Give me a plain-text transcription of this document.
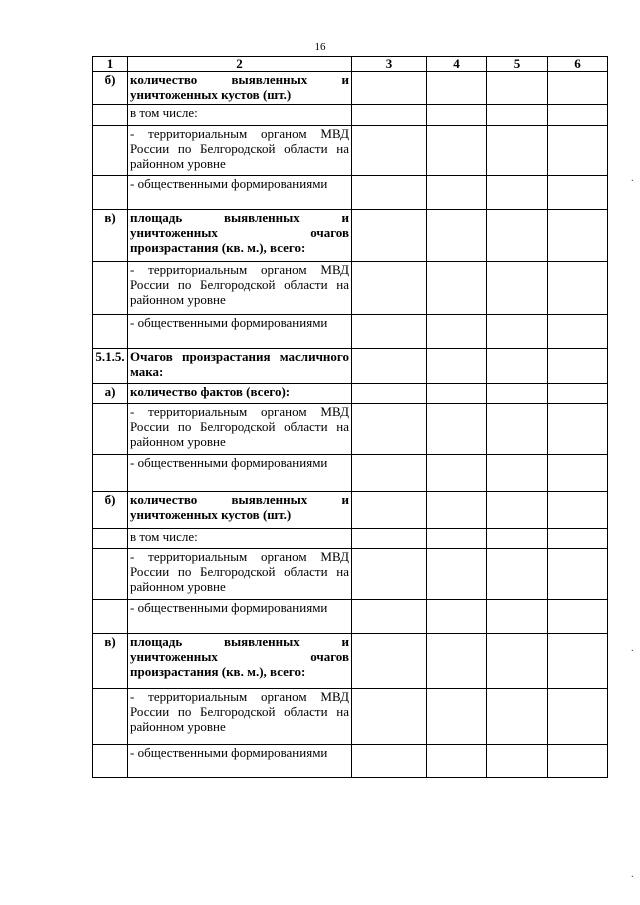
16
1	2	3	4	5	6
б)	количество выявленных и уничтоженных кустов (шт.)				
	в том числе:				
	- территориальным органом МВД России по Белгородской области на районном уровне				
	- общественными формированиями				
в)	площадь выявленных и уничтоженных очагов произрастания (кв. м.), всего:				
	- территориальным органом МВД России по Белгородской области на районном уровне				
	- общественными формированиями				
5.1.5.	Очагов произрастания масличного мака:				
а)	количество фактов (всего):				
	- территориальным органом МВД России по Белгородской области на районном уровне				
	- общественными формированиями				
б)	количество выявленных и уничтоженных кустов (шт.)				
	в том числе:				
	- территориальным органом МВД России по Белгородской области на районном уровне				
	- общественными формированиями				
в)	площадь выявленных и уничтоженных очагов произрастания (кв. м.), всего:				
	- территориальным органом МВД России по Белгородской области на районном уровне				
	- общественными формированиями				
·
·
·
